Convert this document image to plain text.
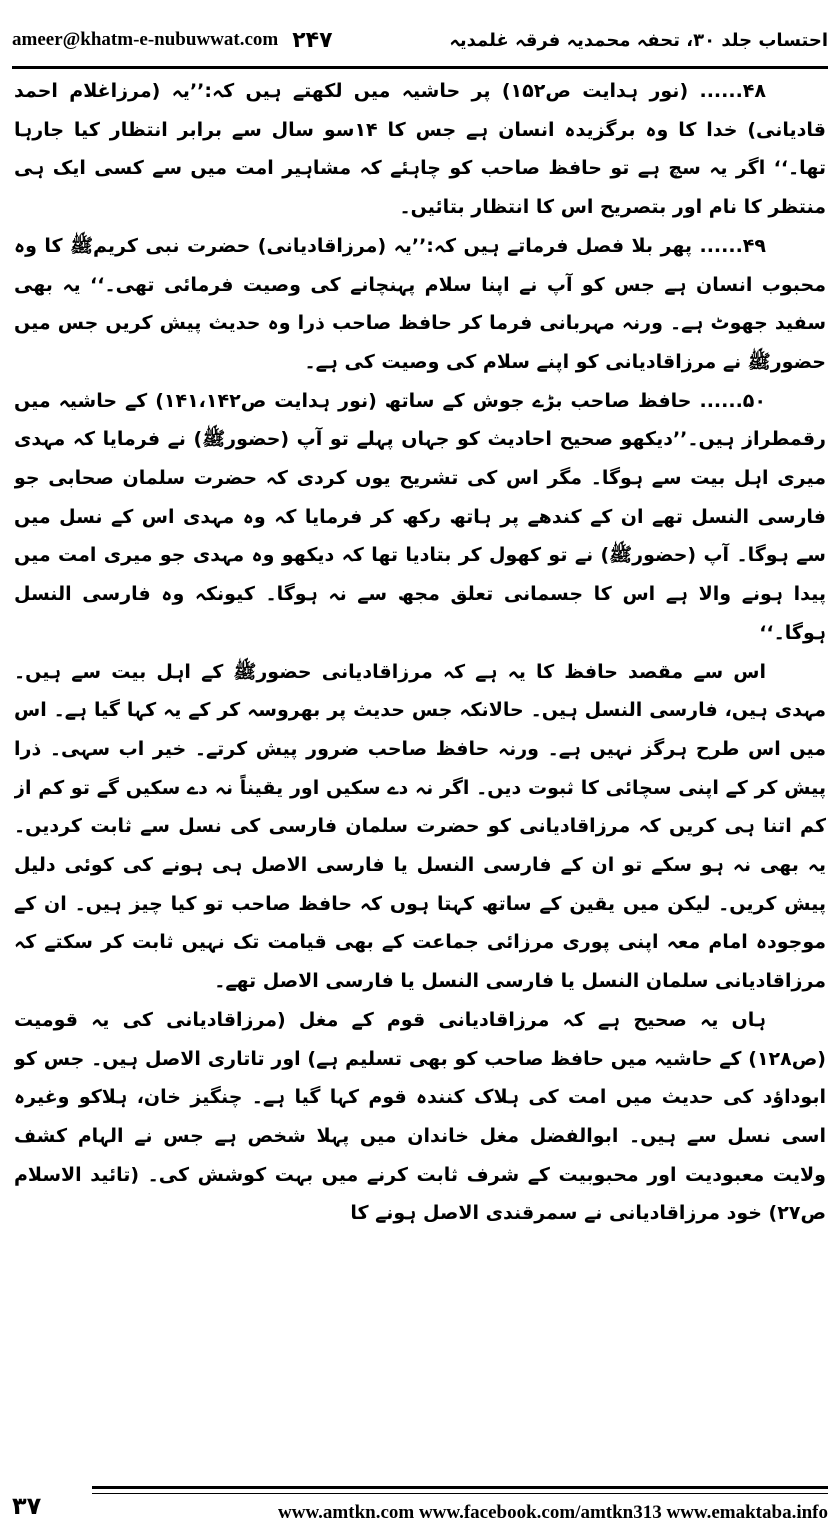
ameer@khatm-e-nubuwwat.com ۲۴۷	احتساب جلد ۳۰، تحفہ محمدیہ فرقہ غلمدیہ

۴۸...... (نور ہدایت ص۱۵۲) پر حاشیہ میں لکھتے ہیں کہ:’’یہ (مرزاغلام احمد قادیانی) خدا کا وہ برگزیدہ انسان ہے جس کا ۱۴سو سال سے برابر انتظار کیا جارہا تھا۔‘‘ اگر یہ سچ ہے تو حافظ صاحب کو چاہئے کہ مشاہیر امت میں سے کسی ایک ہی منتظر کا نام اور بتصریح اس کا انتظار بتائیں۔

۴۹...... پھر بلا فصل فرماتے ہیں کہ:’’یہ (مرزاقادیانی) حضرت نبی کریمﷺ کا وہ محبوب انسان ہے جس کو آپ نے اپنا سلام پہنچانے کی وصیت فرمائی تھی۔‘‘ یہ بھی سفید جھوٹ ہے۔ ورنہ مہربانی فرما کر حافظ صاحب ذرا وہ حدیث پیش کریں جس میں حضورﷺ نے مرزاقادیانی کو اپنے سلام کی وصیت کی ہے۔

۵۰...... حافظ صاحب بڑے جوش کے ساتھ (نور ہدایت ص۱۴۱،۱۴۲) کے حاشیہ میں رقمطراز ہیں۔’’دیکھو صحیح احادیث کو جہاں پہلے تو آپ (حضورﷺ) نے فرمایا کہ مہدی میری اہل بیت سے ہوگا۔ مگر اس کی تشریح یوں کردی کہ حضرت سلمان صحابی جو فارسی النسل تھے ان کے کندھے پر ہاتھ رکھ کر فرمایا کہ وہ مہدی اس کے نسل میں سے ہوگا۔ آپ (حضورﷺ) نے تو کھول کر بتادیا تھا کہ دیکھو وہ مہدی جو میری امت میں پیدا ہونے والا ہے اس کا جسمانی تعلق مجھ سے نہ ہوگا۔ کیونکہ وہ فارسی النسل ہوگا۔‘‘

اس سے مقصد حافظ کا یہ ہے کہ مرزاقادیانی حضورﷺ کے اہل بیت سے ہیں۔ مہدی ہیں، فارسی النسل ہیں۔ حالانکہ جس حدیث پر بھروسہ کر کے یہ کہا گیا ہے۔ اس میں اس طرح ہرگز نہیں ہے۔ ورنہ حافظ صاحب ضرور پیش کرتے۔ خیر اب سہی۔ ذرا پیش کر کے اپنی سچائی کا ثبوت دیں۔ اگر نہ دے سکیں اور یقیناً نہ دے سکیں گے تو کم از کم اتنا ہی کریں کہ مرزاقادیانی کو حضرت سلمان فارسی کی نسل سے ثابت کردیں۔ یہ بھی نہ ہو سکے تو ان کے فارسی النسل یا فارسی الاصل ہی ہونے کی کوئی دلیل پیش کریں۔ لیکن میں یقین کے ساتھ کہتا ہوں کہ حافظ صاحب تو کیا چیز ہیں۔ ان کے موجودہ امام معہ اپنی پوری مرزائی جماعت کے بھی قیامت تک نہیں ثابت کر سکتے کہ مرزاقادیانی سلمان النسل یا فارسی النسل یا فارسی الاصل تھے۔

ہاں یہ صحیح ہے کہ مرزاقادیانی قوم کے مغل (مرزاقادیانی کی یہ قومیت (ص۱۲۸) کے حاشیہ میں حافظ صاحب کو بھی تسلیم ہے) اور تاتاری الاصل ہیں۔ جس کو ابوداؤد کی حدیث میں امت کی ہلاک کنندہ قوم کہا گیا ہے۔ چنگیز خان، ہلاکو وغیرہ اسی نسل سے ہیں۔ ابوالفضل مغل خاندان میں پہلا شخص ہے جس نے الہام کشف ولایت معبودیت اور محبوبیت کے شرف ثابت کرنے میں بہت کوشش کی۔ (تائید الاسلام ص۲۷) خود مرزاقادیانی نے سمرقندی الاصل ہونے کا

۳۷	www.amtkn.com www.facebook.com/amtkn313 www.emaktaba.info
